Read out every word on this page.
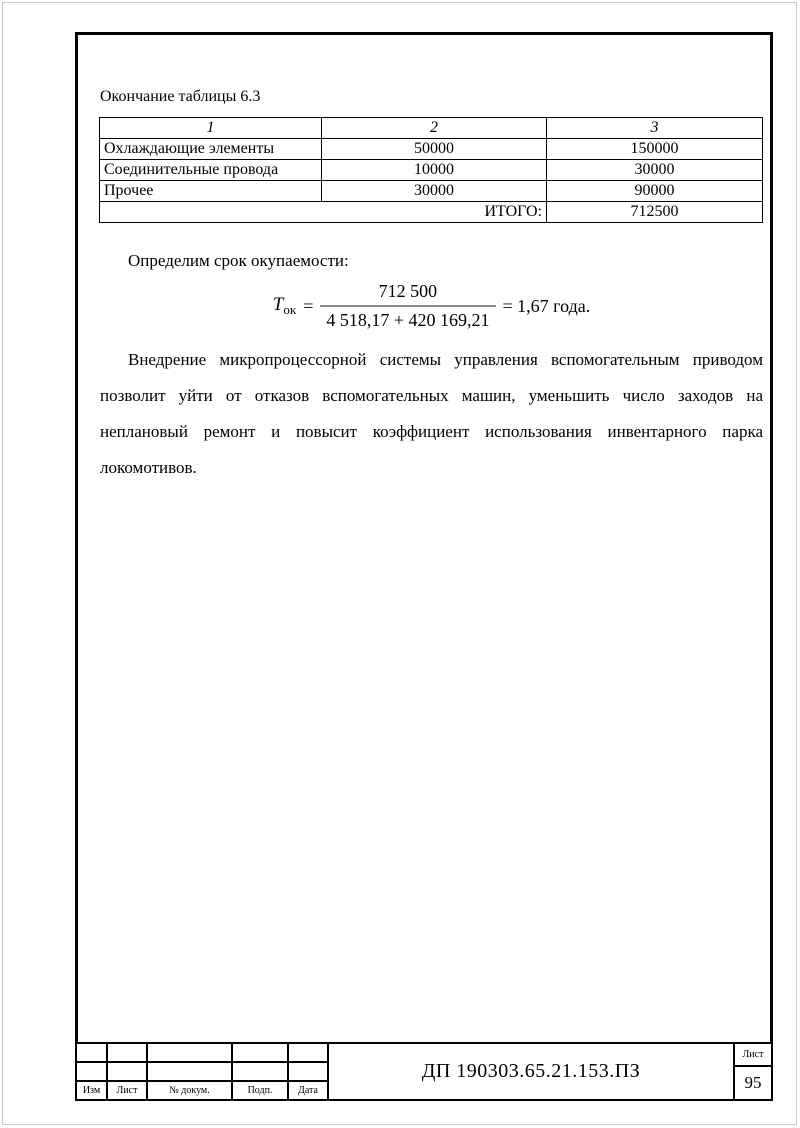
Окончание таблицы 6.3
1	2	3
Охлаждающие элементы	50000	150000
Соединительные провода	10000	30000
Прочее	30000	90000
ИТОГО:		712500
Определим срок окупаемости:
$T_{ок} = \frac{712 500}{4 518,17 + 420 169,21} = 1,67$ года.
Внедрение микропроцессорной системы управления вспомогательным приводом позволит уйти от отказов вспомогательных машин, уменьшить число заходов на неплановый ремонт и повысит коэффициент использования инвентарного парка локомотивов.
Изм	Лист	№ докум.	Подп.	Дата
ДП 190303.65.21.153.ПЗ
Лист
95
